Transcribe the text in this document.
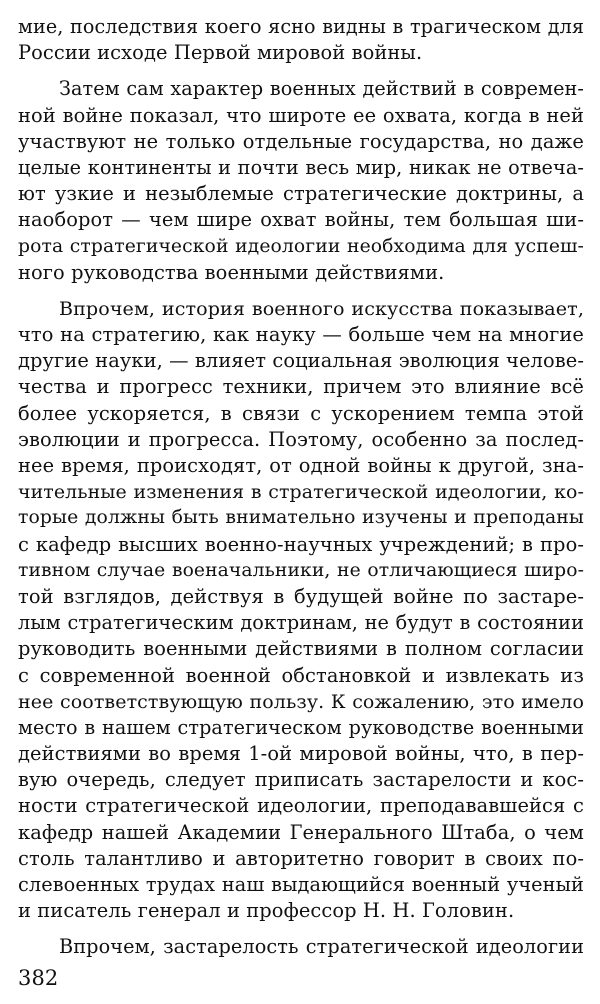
мие, последствия коего ясно видны в трагическом для
России исходе Первой мировой войны.
Затем сам характер военных действий в современ-
ной войне показал, что широте ее охвата, когда в ней
участвуют не только отдельные государства, но даже
целые континенты и почти весь мир, никак не отвеча-
ют узкие и незыблемые стратегические доктрины, а
наоборот — чем шире охват войны, тем большая ши-
рота стратегической идеологии необходима для успеш-
ного руководства военными действиями.
Впрочем, история военного искусства показывает,
что на стратегию, как науку — больше чем на многие
другие науки, — влияет социальная эволюция челове-
чества и прогресс техники, причем это влияние всё
более ускоряется, в связи с ускорением темпа этой
эволюции и прогресса. Поэтому, особенно за послед-
нее время, происходят, от одной войны к другой, зна-
чительные изменения в стратегической идеологии, ко-
торые должны быть внимательно изучены и преподаны
с кафедр высших военно-научных учреждений; в про-
тивном случае военачальники, не отличающиеся широ-
той взглядов, действуя в будущей войне по застаре-
лым стратегическим доктринам, не будут в состоянии
руководить военными действиями в полном согласии
с современной военной обстановкой и извлекать из
нее соответствующую пользу. К сожалению, это имело
место в нашем стратегическом руководстве военными
действиями во время 1-ой мировой войны, что, в пер-
вую очередь, следует приписать застарелости и кос-
ности стратегической идеологии, преподававшейся с
кафедр нашей Академии Генерального Штаба, о чем
столь талантливо и авторитетно говорит в своих по-
слевоенных трудах наш выдающийся военный ученый
и писатель генерал и профессор Н. Н. Головин.
Впрочем, застарелость стратегической идеологии
382
